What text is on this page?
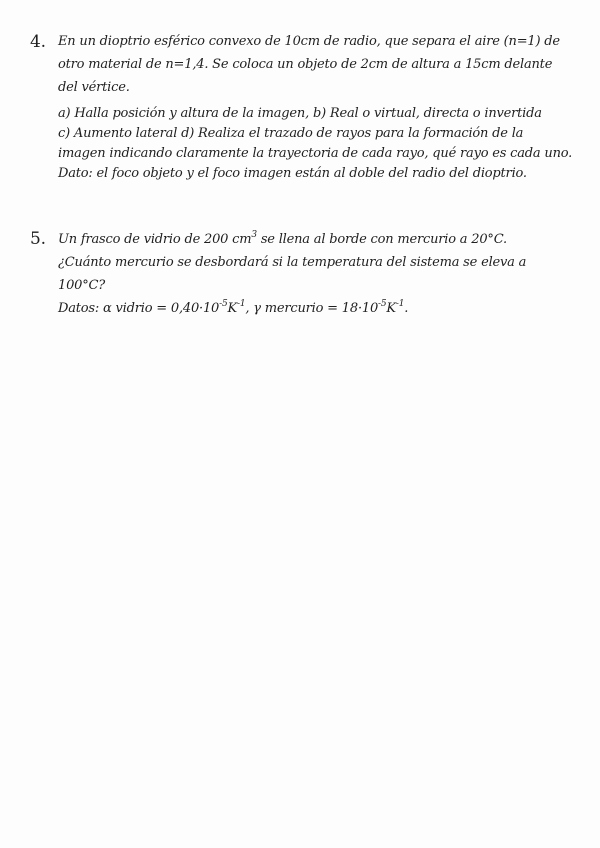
4. En un dioptrio esférico convexo de 10cm de radio, que separa el aire (n=1) de
otro material de n=1,4. Se coloca un objeto de 2cm de altura a 15cm delante
del vértice.
a) Halla posición y altura de la imagen, b) Real o virtual, directa o invertida
c) Aumento lateral d) Realiza el trazado de rayos para la formación de la
imagen indicando claramente la trayectoria de cada rayo, qué rayo es cada uno.
Dato: el foco objeto y el foco imagen están al doble del radio del dioptrio.
5. Un frasco de vidrio de 200 $cm^3$ se llena al borde con mercurio a 20°C.
¿Cuánto mercurio se desbordará si la temperatura del sistema se eleva a
100°C?
Datos: α vidrio = $0,40\cdot 10^{-5}K^{-1}$, γ mercurio = $18\cdot 10^{-5}K^{-1}$.
